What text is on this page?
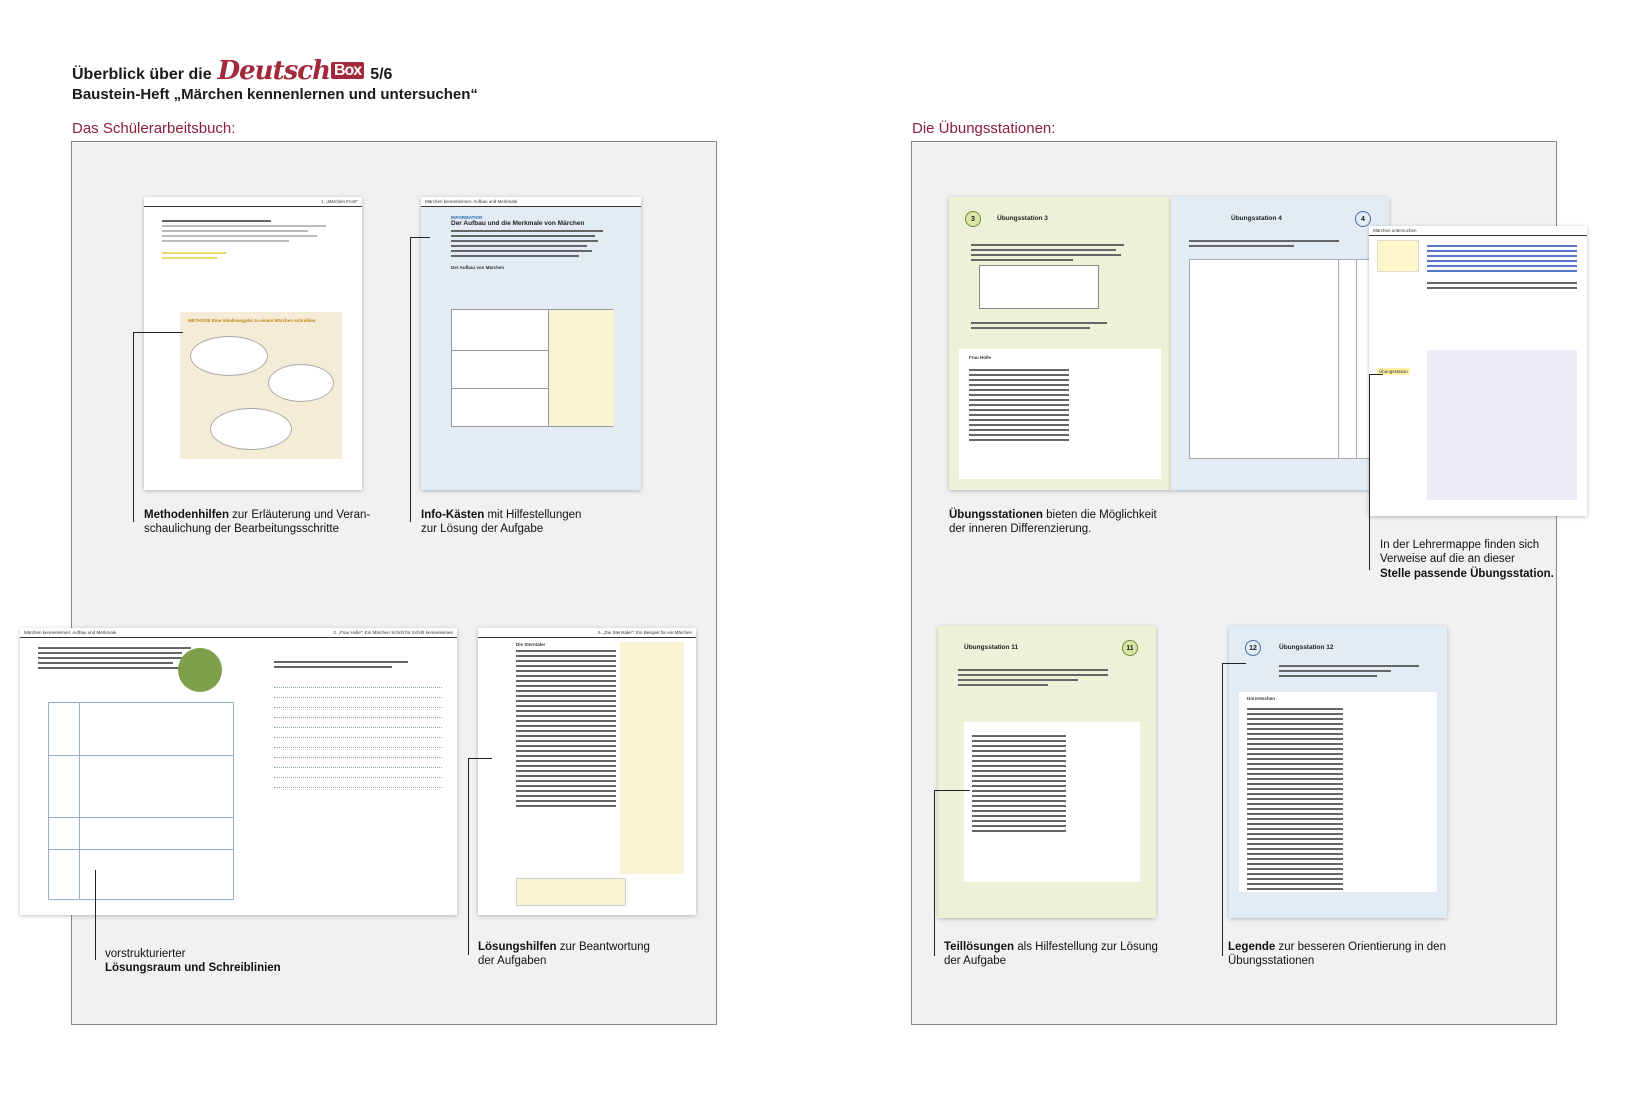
Überblick über die Deutsch Box 5/6
Baustein-Heft „Märchen kennenlernen und untersuchen“
Das Schülerarbeitsbuch:	Die Übungsstationen:
1. „Märchen Frost“
METHODE Eine Inhaltsangabe zu einem Märchen schreiben
Märchen kennenlernen: Aufbau und Merkmale
INFORMATION
Der Aufbau und die Merkmale von Märchen
Der Aufbau von Märchen
Märchen kennenlernen: Aufbau und Merkmale	2. „Frau Holle“: Ein Märchen Schritt für Schritt kennenlernen	5. „Die Sterntaler“: Ein Beispiel für ein Märchen
Die Sterntaler
Methodenhilfen zur Erläuterung und Veran-
schaulichung der Bearbeitungsschritte
Info-Kästen mit Hilfestellungen
zur Lösung der Aufgabe
vorstrukturierter
Lösungsraum und Schreiblinien
Lösungshilfen zur Beantwortung
der Aufgaben
3	Übungsstation 3
Frau Holle
Übungsstation 4	4
Märchen untersuchen
Übungsstation
Übungsstation 11	11	12	Übungsstation 12
Dornröschen
Übungsstationen bieten die Möglichkeit
der inneren Differenzierung.
In der Lehrermappe finden sich
Verweise auf die an dieser
Stelle passende Übungsstation.
Teillösungen als Hilfestellung zur Lösung
der Aufgabe
Legende zur besseren Orientierung in den
Übungsstationen
